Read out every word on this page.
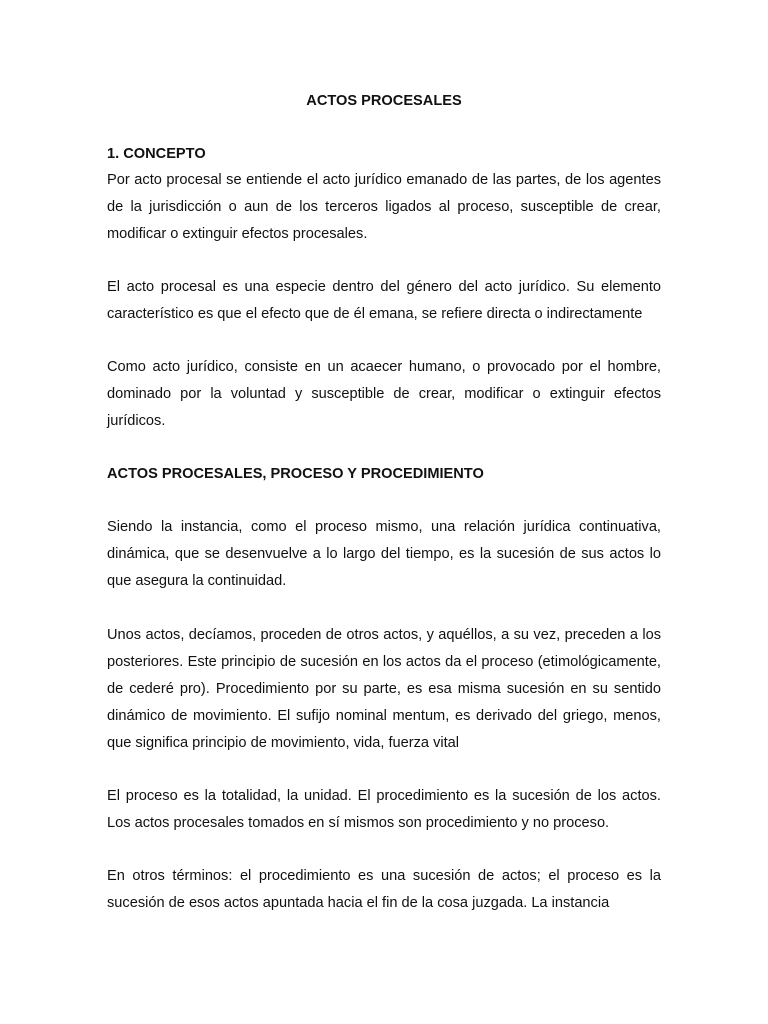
ACTOS PROCESALES
1. CONCEPTO

Por acto procesal se entiende el acto jurídico emanado de las partes, de los agentes de la jurisdicción o aun de los terceros ligados al proceso, susceptible de crear, modificar o extinguir efectos procesales.

El acto procesal es una especie dentro del género del acto jurídico. Su elemento característico es que el efecto que de él emana, se refiere directa o indirectamente

Como acto jurídico, consiste en un acaecer humano, o provocado por el hombre, dominado por la voluntad y susceptible de crear, modificar o extinguir efectos jurídicos.

ACTOS PROCESALES, PROCESO Y PROCEDIMIENTO

Siendo la instancia, como el proceso mismo, una relación jurídica continuativa, dinámica, que se desenvuelve a lo largo del tiempo, es la sucesión de sus actos lo que asegura la continuidad.

Unos actos, decíamos, proceden de otros actos, y aquéllos, a su vez, preceden a los posteriores. Este principio de sucesión en los actos da el proceso (etimológicamente, de cederé pro). Procedimiento por su parte, es esa misma sucesión en su sentido dinámico de movimiento. El sufijo nominal mentum, es derivado del griego, menos, que significa principio de movimiento, vida, fuerza vital

El proceso es la totalidad, la unidad. El procedimiento es la sucesión de los actos. Los actos procesales tomados en sí mismos son procedimiento y no proceso.

En otros términos: el procedimiento es una sucesión de actos; el proceso es la sucesión de esos actos apuntada hacia el fin de la cosa juzgada. La instancia
